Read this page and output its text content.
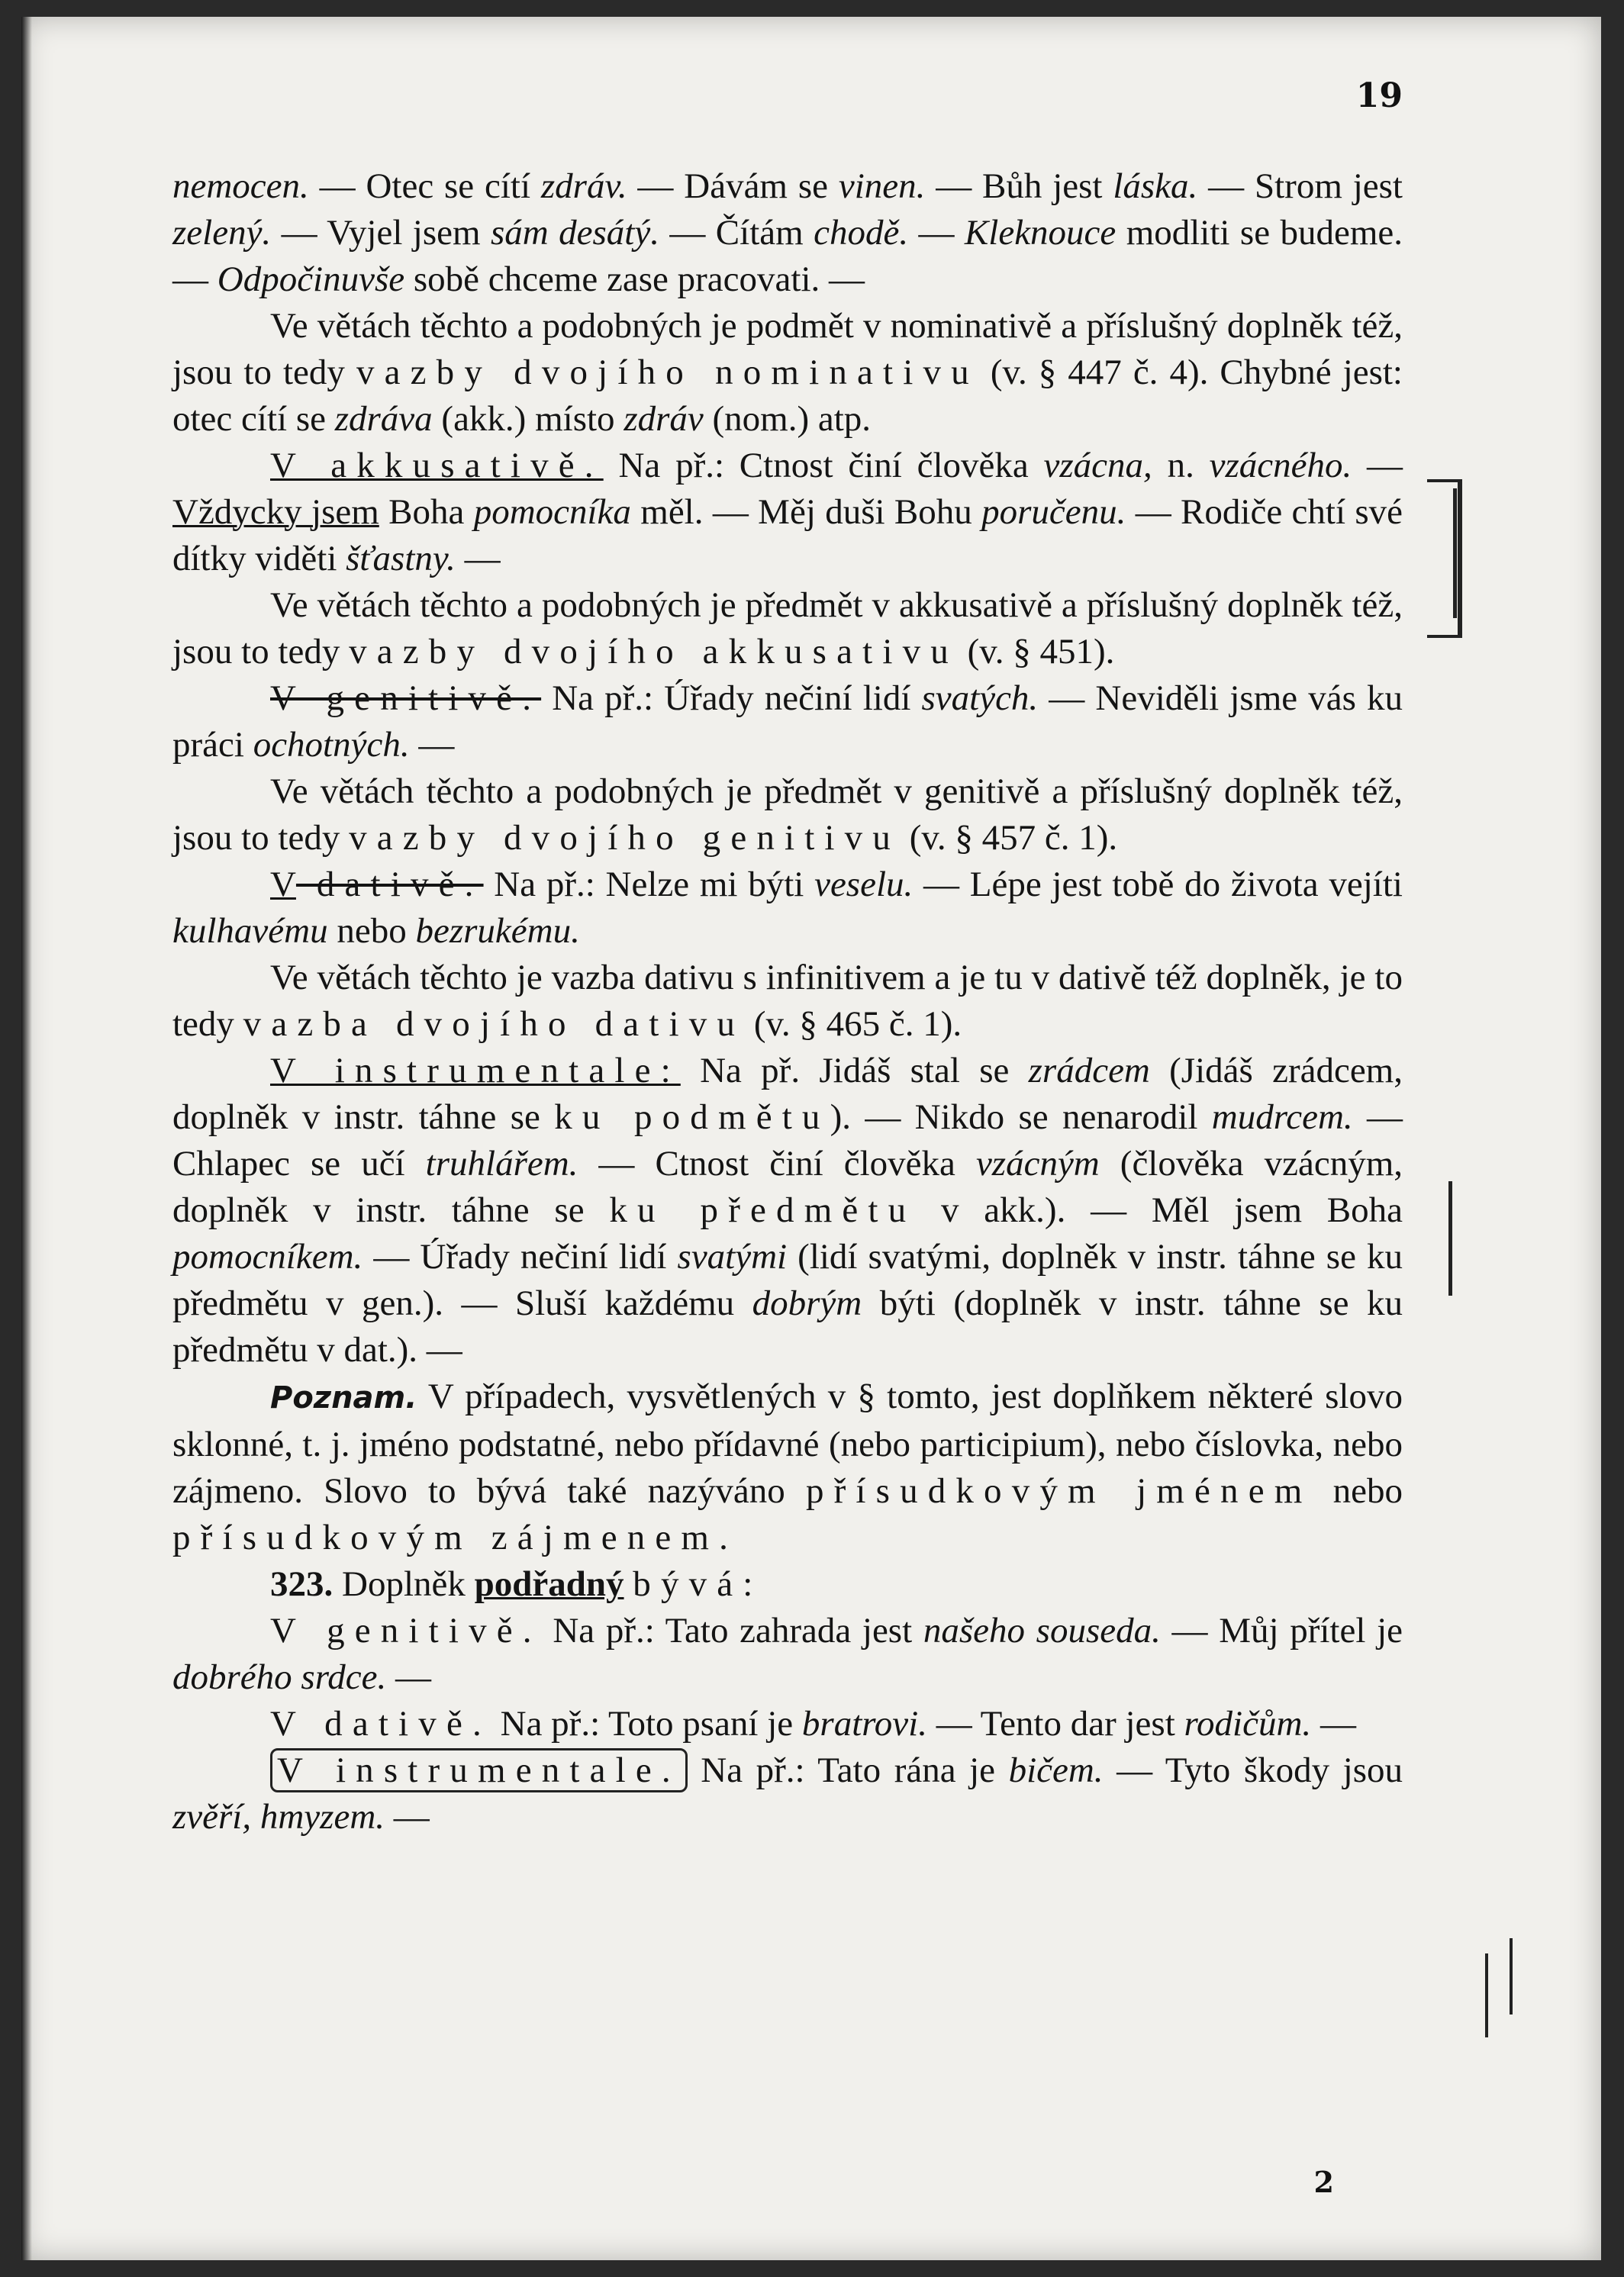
19

nemocen. — Otec se cítí zdráv. — Dávám se vinen. — Bůh jest láska. — Strom jest zelený. — Vyjel jsem sám desátý. — Čítám chodě. — Kleknouce modliti se budeme. — Odpočinuvše sobě chceme zase pracovati. —

Ve větách těchto a podobných je podmět v nominativě a příslušný doplněk též, jsou to tedy vazby dvojího nominativu (v. § 447 č. 4). Chybné jest: otec cítí se zdráva (akk.) místo zdráv (nom.) atp.

V akkusativě. Na př.: Ctnost činí člověka vzácna, n. vzácného. — Vždycky jsem Boha pomocníka měl. — Měj duši Bohu poručenu. — Rodiče chtí své dítky viděti šťastny. —

Ve větách těchto a podobných je předmět v akkusativě a příslušný doplněk též, jsou to tedy vazby dvojího akkusativu (v. § 451).

V genitivě. Na př.: Úřady nečiní lidí svatých. — Neviděli jsme vás ku práci ochotných. —

Ve větách těchto a podobných je předmět v genitivě a příslušný doplněk též, jsou to tedy vazby dvojího genitivu (v. § 457 č. 1).

V dativě. Na př.: Nelze mi býti veselu. — Lépe jest tobě do života vejíti kulhavému nebo bezrukému.

Ve větách těchto je vazba dativu s infinitivem a je tu v dativě též doplněk, je to tedy vazba dvojího dativu (v. § 465 č. 1).

V instrumentale: Na př. Jidáš stal se zrádcem (Jidáš zrádcem, doplněk v instr. táhne se ku podmětu). — Nikdo se nenarodil mudrcem. — Chlapec se učí truhlářem. — Ctnost činí člověka vzácným (člověka vzácným, doplněk v instr. táhne se ku předmětu v akk.). — Měl jsem Boha pomocníkem. — Úřady nečiní lidí svatými (lidí svatými, doplněk v instr. táhne se ku předmětu v gen.). — Sluší každému dobrým býti (doplněk v instr. táhne se ku předmětu v dat.). —

Poznam. V případech, vysvětlených v § tomto, jest doplňkem některé slovo sklonné, t. j. jméno podstatné, nebo přídavné (nebo participium), nebo číslovka, nebo zájmeno. Slovo to bývá také nazýváno přísudkovým jménem nebo přísudkovým zájmenem.

323. Doplněk podřadný bývá:

V genitivě. Na př.: Tato zahrada jest našeho souseda. — Můj přítel je dobrého srdce. —

V dativě. Na př.: Toto psaní je bratrovi. — Tento dar jest rodičům. —

V instrumentale. Na př.: Tato rána je bičem. — Tyto škody jsou zvěří, hmyzem. —

2
